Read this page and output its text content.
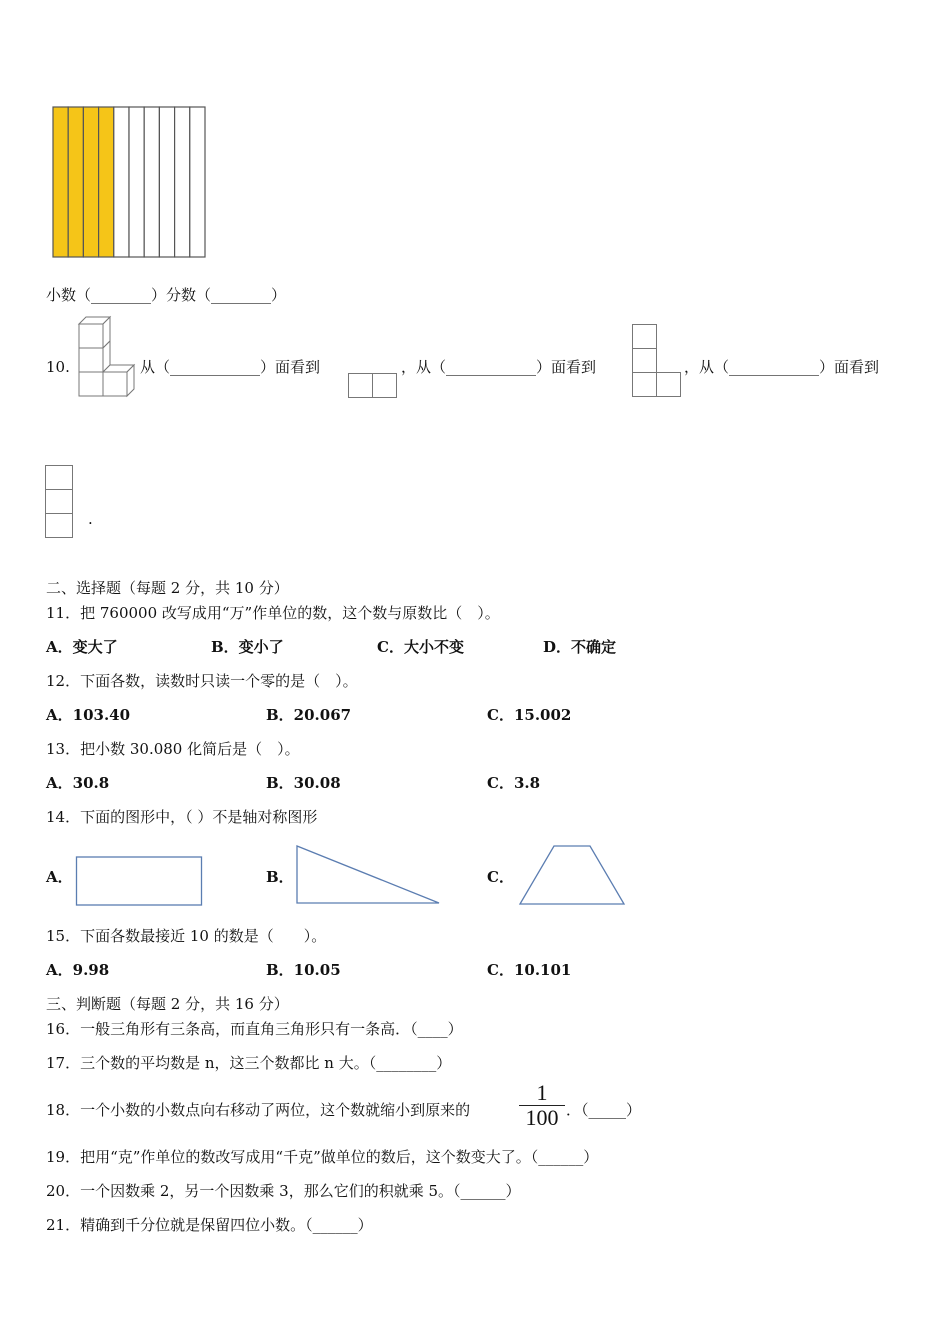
小数（________）分数（________）
10.	从（____________）面看到	，从（____________）面看到	，从（____________）面看到
.
二、选择题（每题 2 分，共 10 分）
11．把 760000 改写成用“万”作单位的数，这个数与原数比（　）。
A．变大了	B．变小了	C．大小不变	D．不确定
12．下面各数，读数时只读一个零的是（　）。
A．103.40	B．20.067	C．15.002
13．把小数 30.080 化简后是（　）。
A．30.8	B．30.08	C．3.8
14．下面的图形中，（ ）不是轴对称图形
A．	B．	C．
15．下面各数最接近 10 的数是（　　）。
A．9.98	B．10.05	C．10.101
三、判断题（每题 2 分，共 16 分）
16．一般三角形有三条高，而直角三角形只有一条高．（____）
17．三个数的平均数是 n，这三个数都比 n 大。（________）
18．一个小数的小数点向右移动了两位，这个数就缩小到原来的
1
100 ．（_____）
19．把用“克”作单位的数改写成用“千克”做单位的数后，这个数变大了。（______）
20．一个因数乘 2，另一个因数乘 3，那么它们的积就乘 5。（______）
21．精确到千分位就是保留四位小数。（______）
